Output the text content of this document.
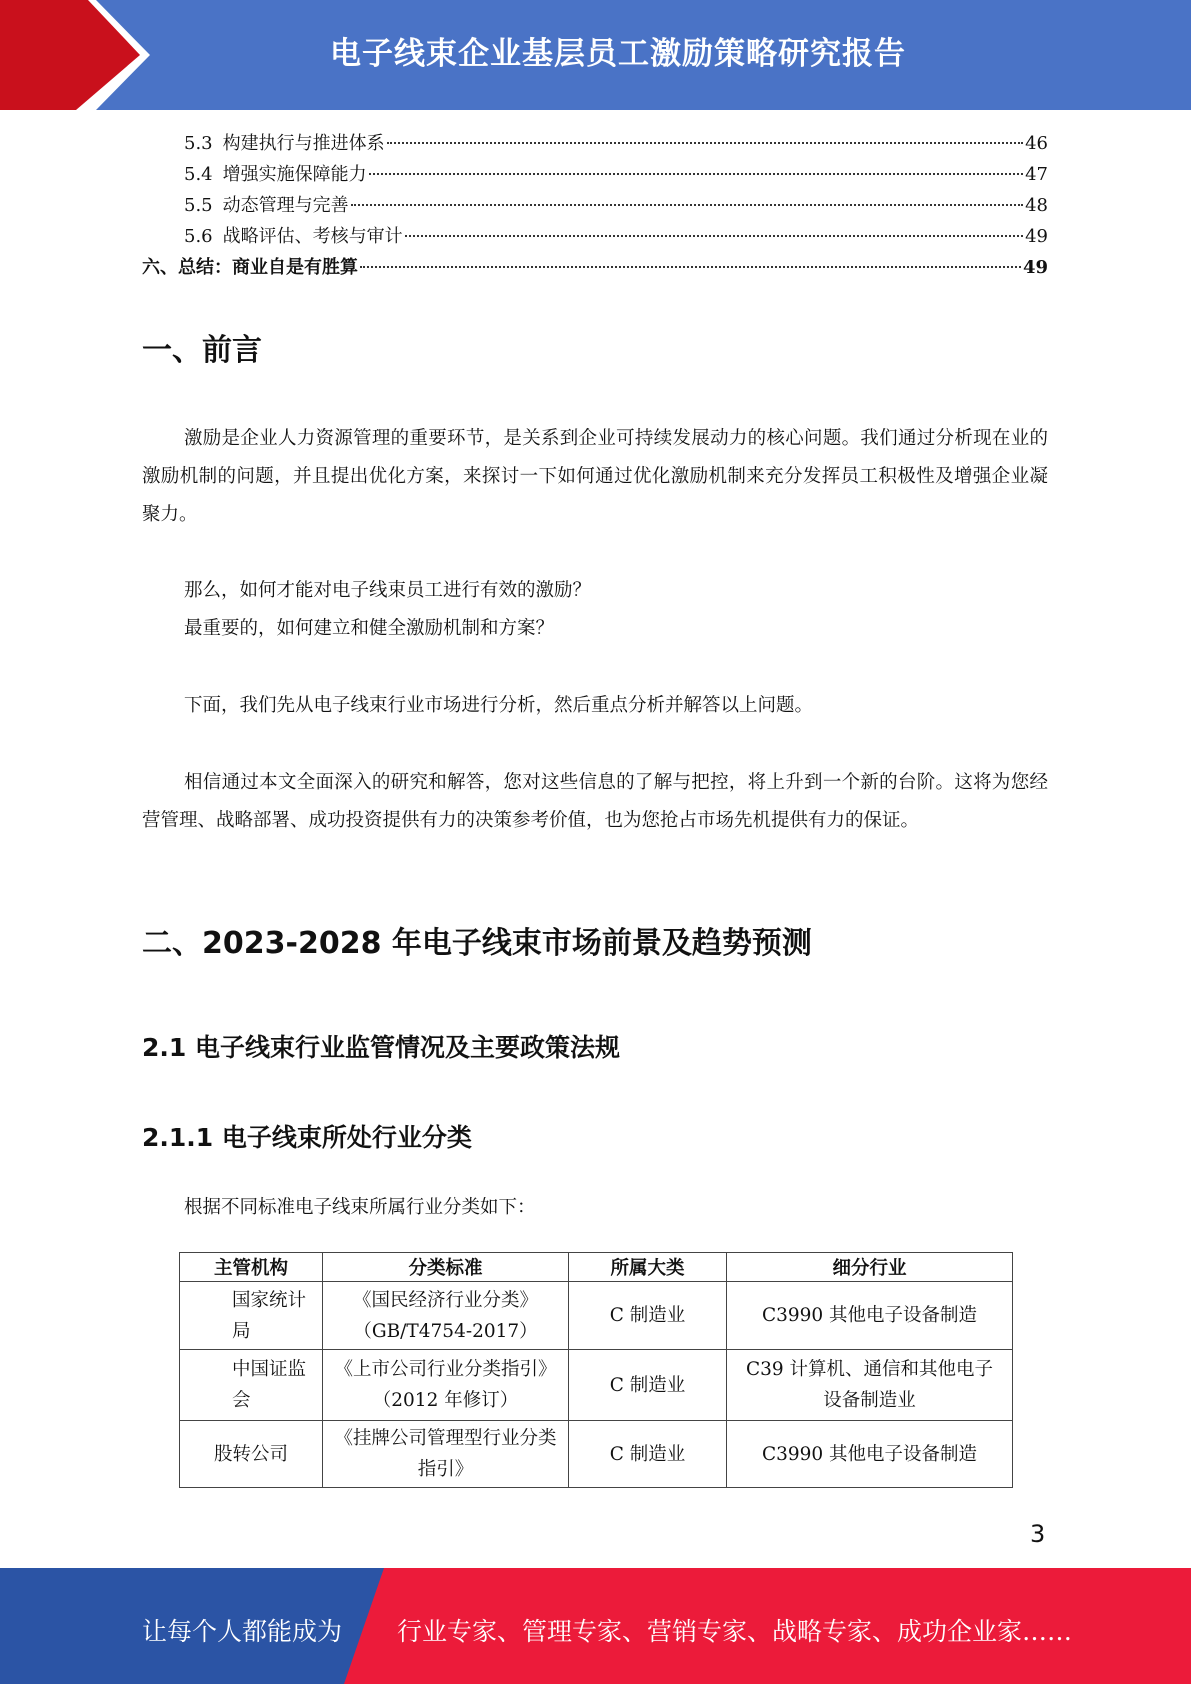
电子线束企业基层员工激励策略研究报告
5.3 构建执行与推进体系	46
5.4 增强实施保障能力	47
5.5 动态管理与完善	48
5.6 战略评估、考核与审计	49
六、总结：商业自是有胜算	49
一、前言

激励是企业人力资源管理的重要环节，是关系到企业可持续发展动力的核心问题。我们通过分析现在业的激励机制的问题，并且提出优化方案，来探讨一下如何通过优化激励机制来充分发挥员工积极性及增强企业凝聚力。

那么，如何才能对电子线束员工进行有效的激励？
最重要的，如何建立和健全激励机制和方案？

下面，我们先从电子线束行业市场进行分析，然后重点分析并解答以上问题。

相信通过本文全面深入的研究和解答，您对这些信息的了解与把控，将上升到一个新的台阶。这将为您经营管理、战略部署、成功投资提供有力的决策参考价值，也为您抢占市场先机提供有力的保证。

二、2023-2028 年电子线束市场前景及趋势预测
2.1 电子线束行业监管情况及主要政策法规
2.1.1 电子线束所处行业分类
根据不同标准电子线束所属行业分类如下：
主管机构	分类标准	所属大类	细分行业

国家统计局	《国民经济行业分类》（GB/T4754-2017）	C 制造业	C3990 其他电子设备制造

中国证监会	《上市公司行业分类指引》（2012 年修订）	C 制造业	C39 计算机、通信和其他电子 设备制造业

股转公司	《挂牌公司管理型行业分类指引》	C 制造业	C3990 其他电子设备制造
3
让每个人都能成为 行业专家、管理专家、营销专家、战略专家、成功企业家……
